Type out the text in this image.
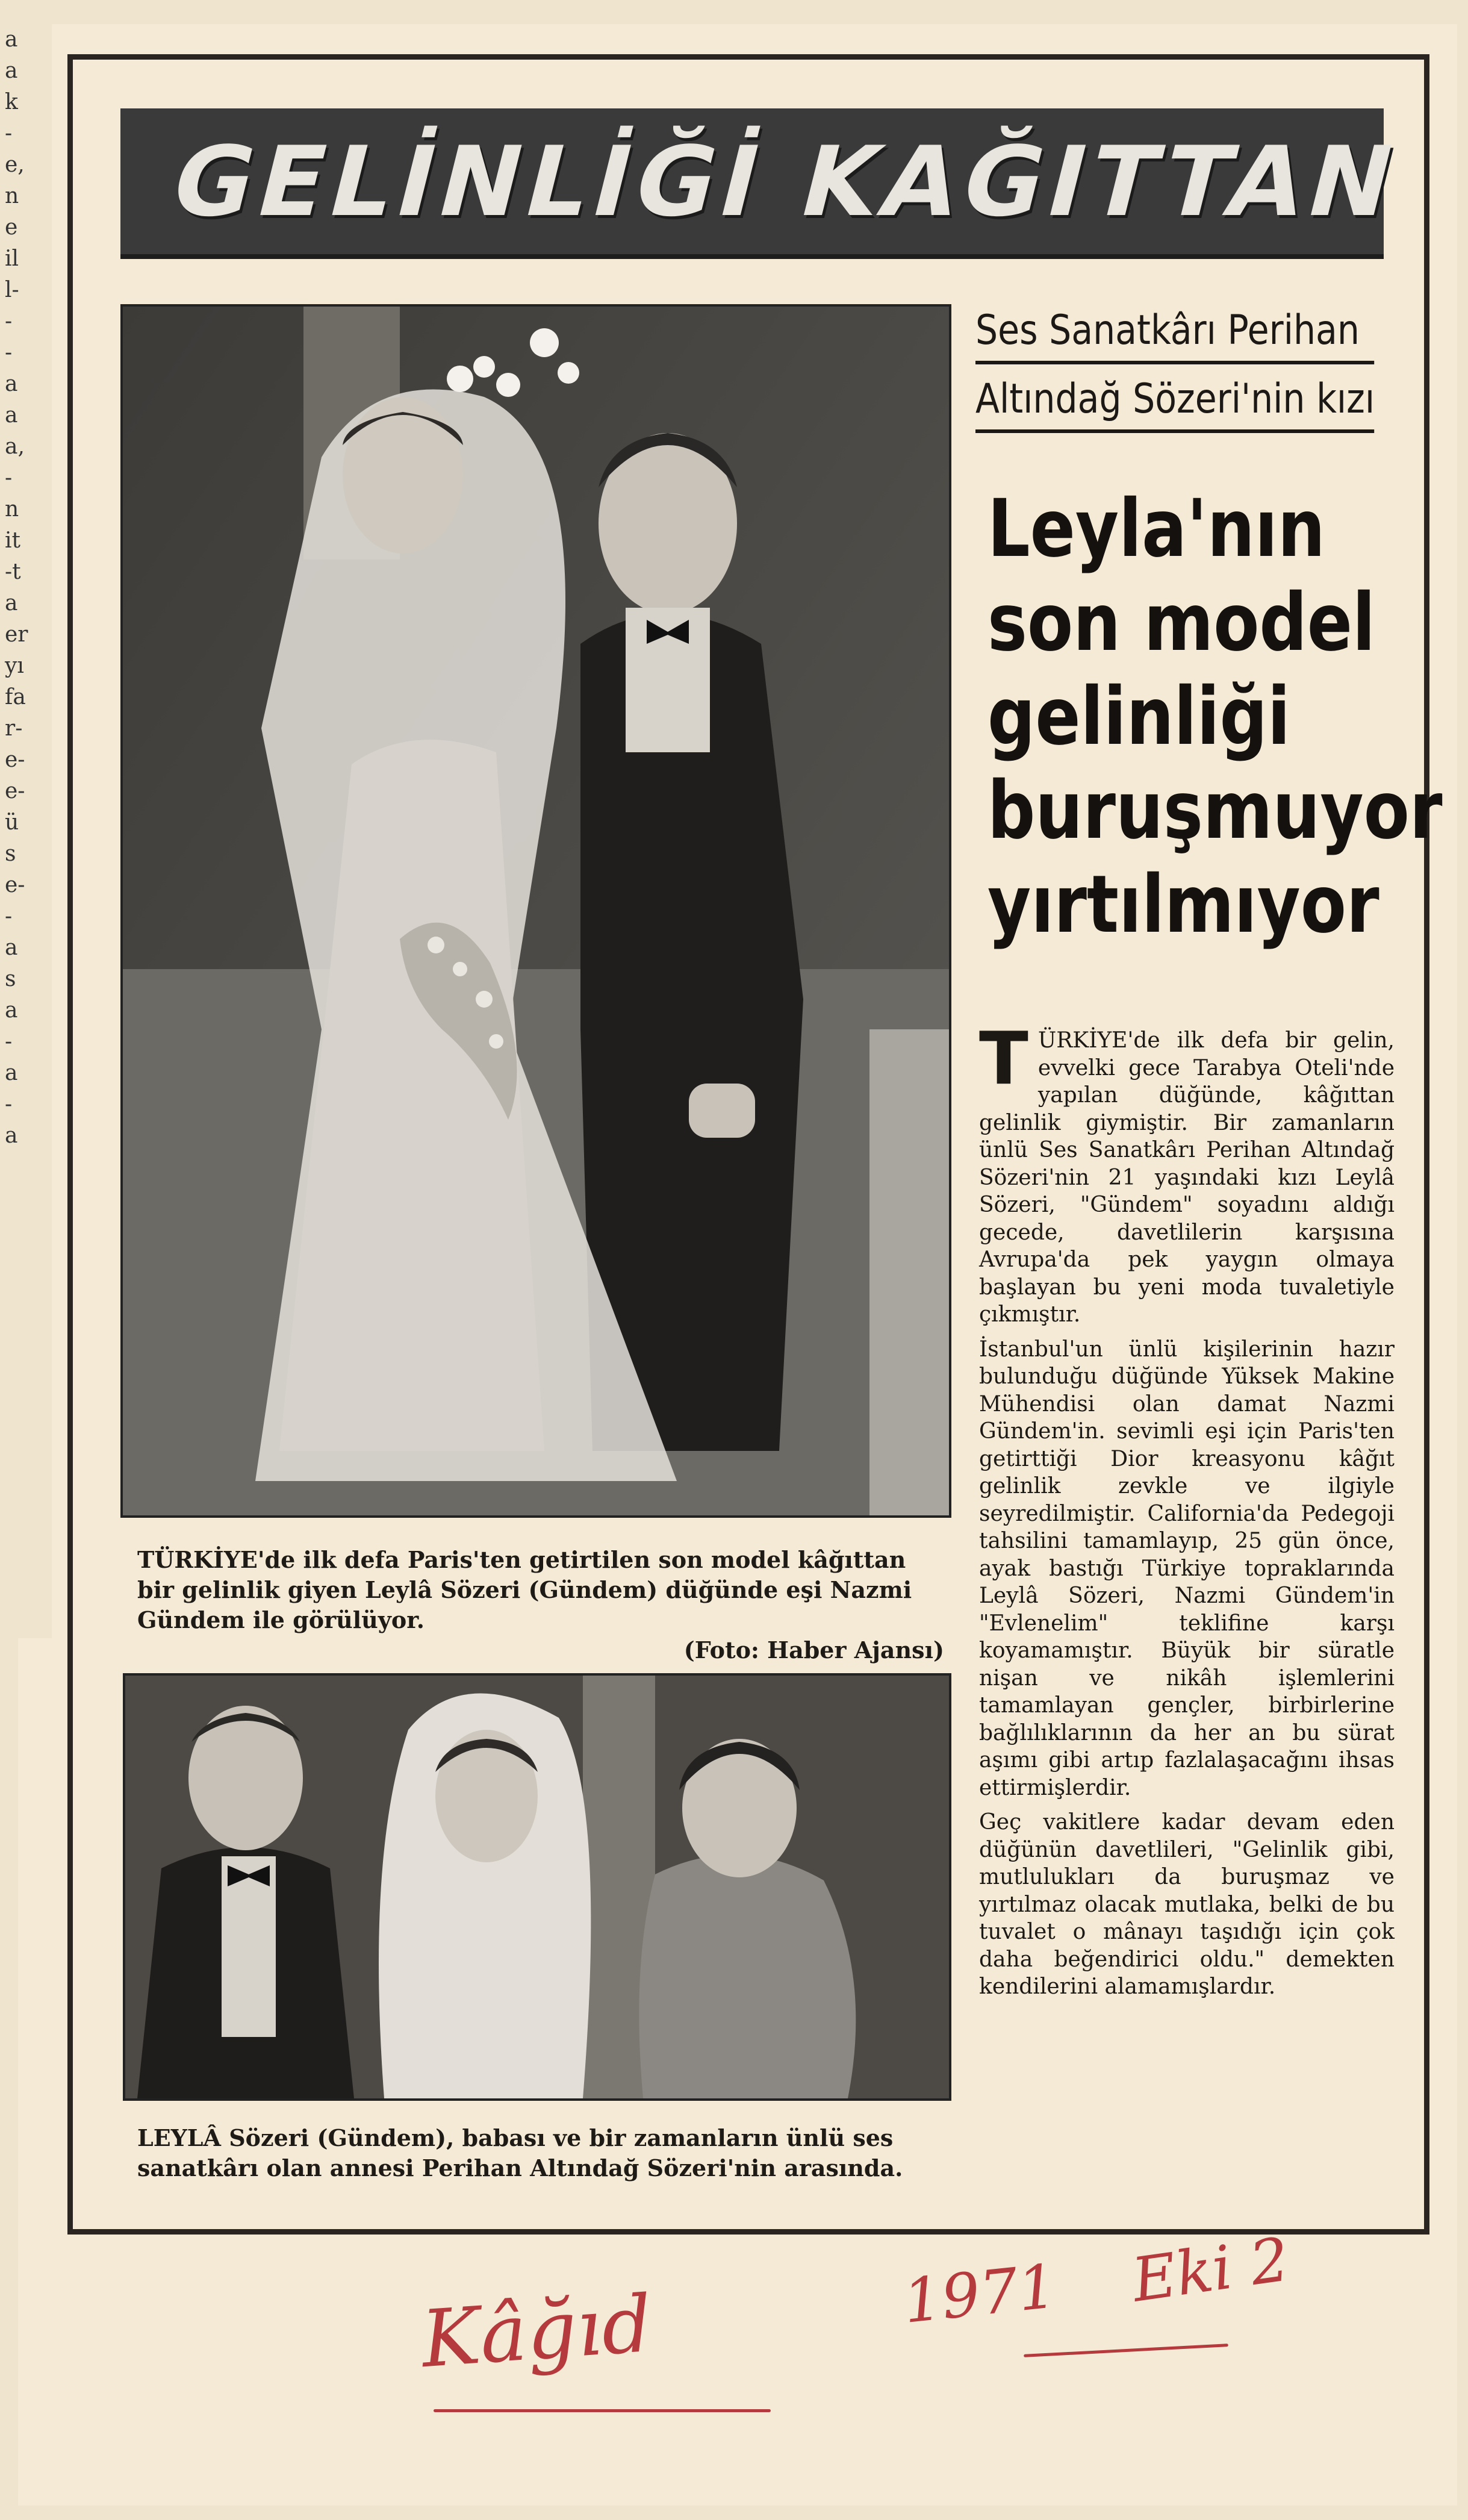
a
a
k
-
e,
n
e
il
l-
-
-
a
a
a,
-
n
it
-t
a
er
yı
fa
r-
e-
e-
ü
s
e-
-
a
s
a
-
a
-
a
GELİNLİĞİ KAĞITTAN
TÜRKİYE'de ilk defa Paris'ten getirtilen son model kâğıttan bir gelinlik giyen Leylâ Sözeri (Gündem) düğünde eşi Nazmi Gündem ile görülüyor.
(Foto: Haber Ajansı)
LEYLÂ Sözeri (Gündem), babası ve bir zamanların ünlü ses sanatkârı olan annesi Perihan Altındağ Sözeri'nin arasında.
Ses Sanatkârı Perihan
Altındağ Sözeri'nin kızı
Leyla'nın
son model
gelinliği
buruşmuyor
yırtılmıyor

TÜRKİYE'de ilk defa bir gelin, evvelki gece Tarabya Oteli'nde yapılan düğünde, kâğıttan gelinlik giymiştir. Bir zamanların ünlü Ses Sanatkârı Perihan Altındağ Sözeri'nin 21 yaşındaki kızı Leylâ Sözeri, "Gündem" soyadını aldığı gecede, davetlilerin karşısına Avrupa'da pek yaygın olmaya başlayan bu yeni moda tuvaletiyle çıkmıştır.

İstanbul'un ünlü kişilerinin hazır bulunduğu düğünde Yüksek Makine Mühendisi olan damat Nazmi Gündem'in. sevimli eşi için Paris'ten getirttiği Dior kreasyonu kâğıt gelinlik zevkle ve ilgiyle seyredilmiştir. California'da Pedegoji tahsilini tamamlayıp, 25 gün önce, ayak bastığı Türkiye topraklarında Leylâ Sözeri, Nazmi Gündem'in "Evlenelim" teklifine karşı koyamamıştır. Büyük bir süratle nişan ve nikâh işlemlerini tamamlayan gençler, birbirlerine bağlılıklarının da her an bu sürat aşımı gibi artıp fazlalaşacağını ihsas ettirmişlerdir.

Geç vakitlere kadar devam eden düğünün davetlileri, "Gelinlik gibi, mutlulukları da buruşmaz ve yırtılmaz olacak mutlaka, belki de bu tuvalet o mânayı taşıdığı için çok daha beğendirici oldu." demekten kendilerini alamamışlardır.

Kâğıd	1971 Eki 2
